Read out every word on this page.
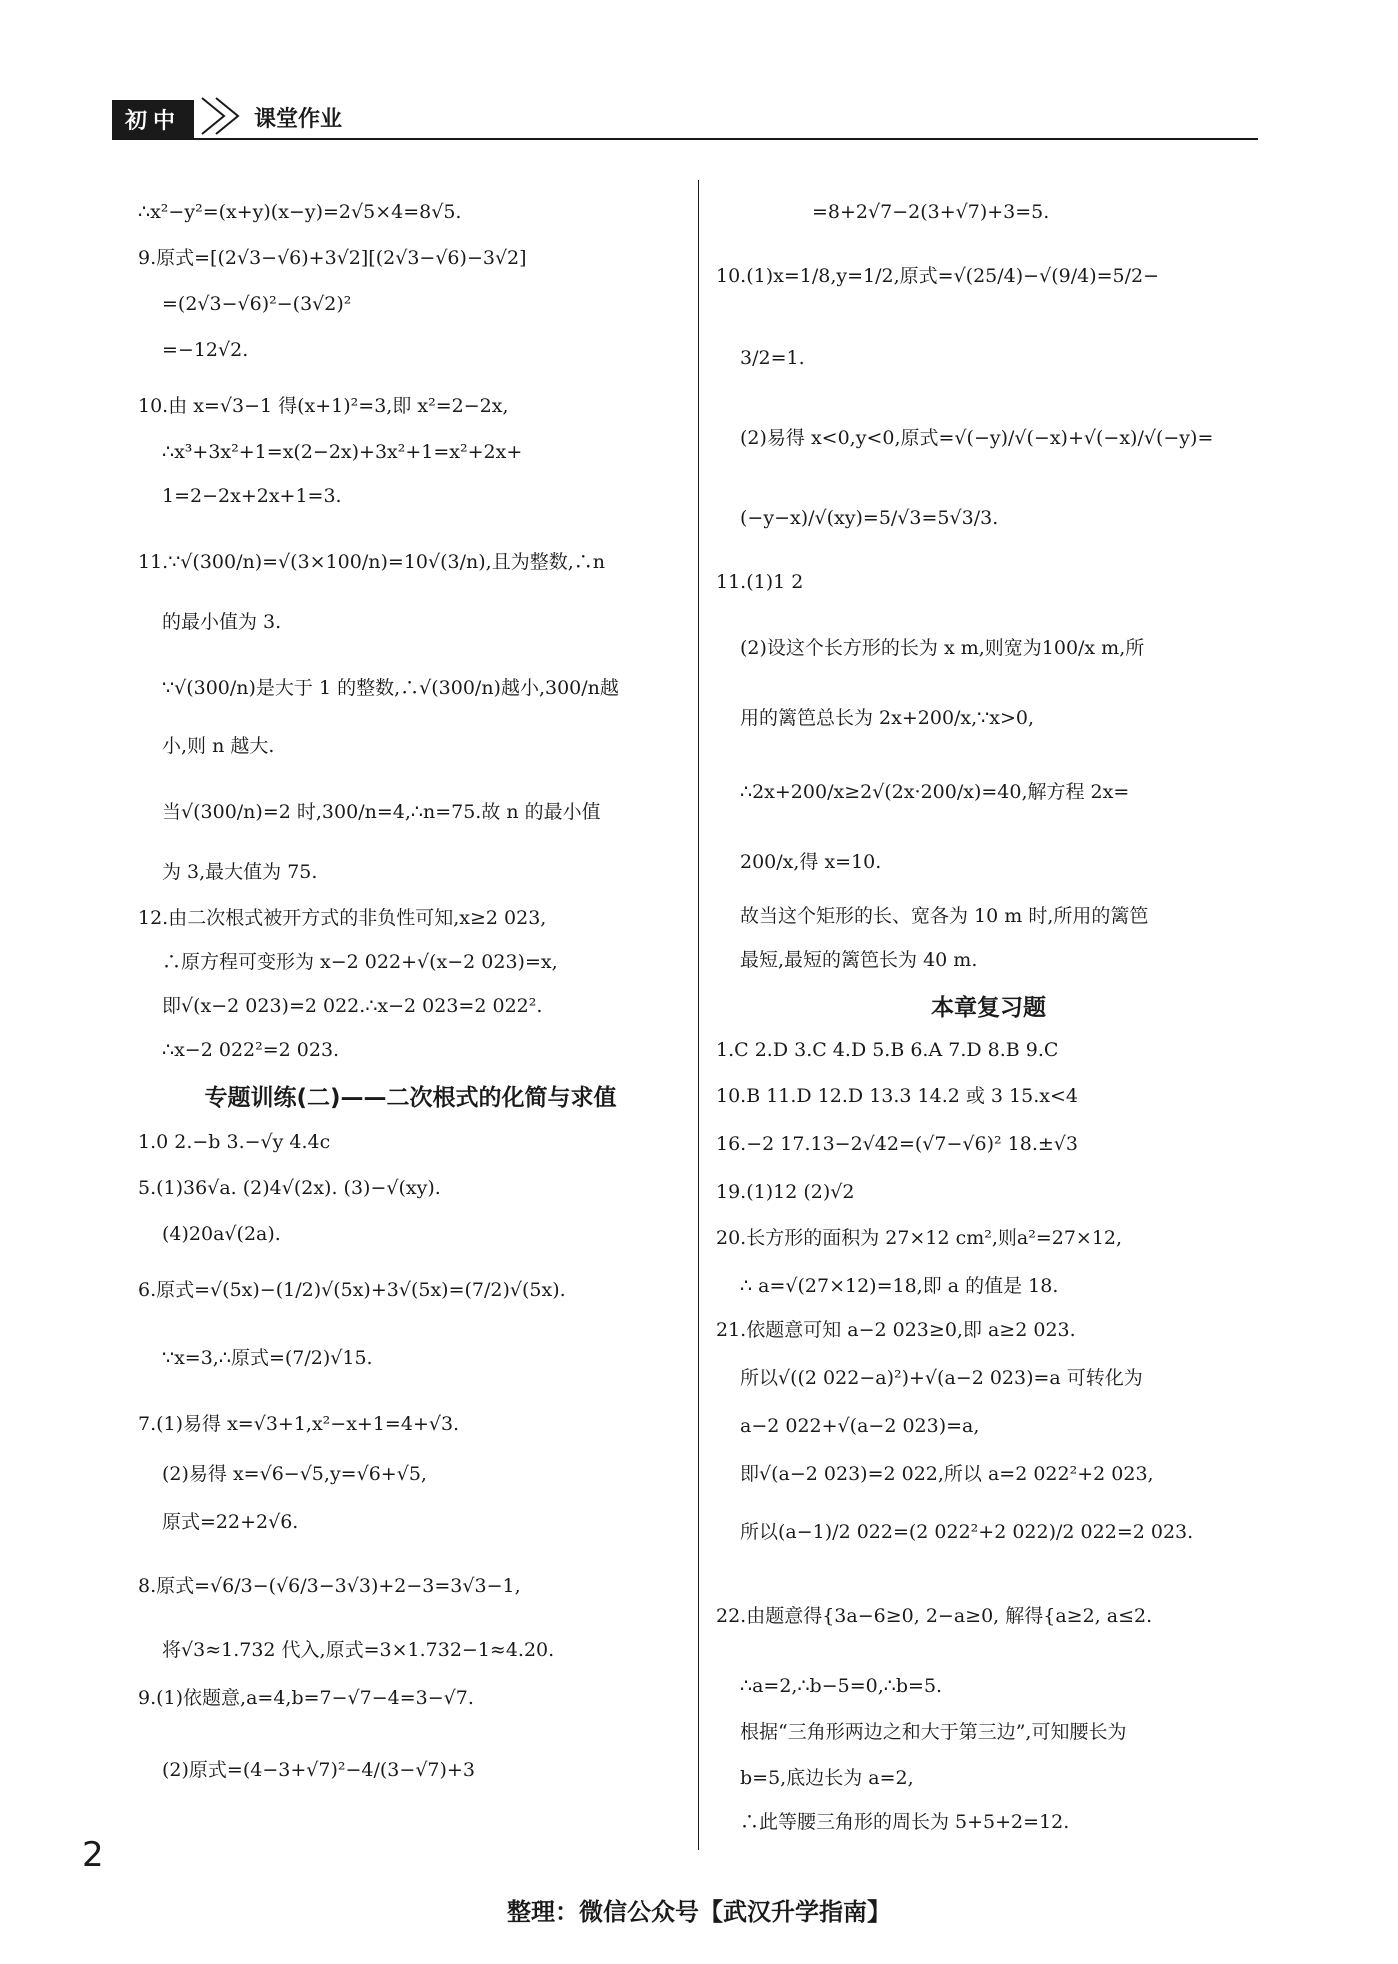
初中	课堂作业

∴x²−y²=(x+y)(x−y)=2√5×4=8√5.

9.原式=[(2√3−√6)+3√2][(2√3−√6)−3√2]

=(2√3−√6)²−(3√2)²

=−12√2.

10.由 x=√3−1 得(x+1)²=3,即 x²=2−2x,

∴x³+3x²+1=x(2−2x)+3x²+1=x²+2x+

1=2−2x+2x+1=3.

11.∵√(300/n)=√(3×100/n)=10√(3/n),且为整数,∴n

的最小值为 3.

∵√(300/n)是大于 1 的整数,∴√(300/n)越小,300/n越

小,则 n 越大.

当√(300/n)=2 时,300/n=4,∴n=75.故 n 的最小值

为 3,最大值为 75.

12.由二次根式被开方式的非负性可知,x≥2 023,

∴原方程可变形为 x−2 022+√(x−2 023)=x,

即√(x−2 023)=2 022.∴x−2 023=2 022².

∴x−2 022²=2 023.

专题训练(二)——二次根式的化简与求值

1.0 2.−b 3.−√y 4.4c

5.(1)36√a. (2)4√(2x). (3)−√(xy).

(4)20a√(2a).

6.原式=√(5x)−(1/2)√(5x)+3√(5x)=(7/2)√(5x).

∵x=3,∴原式=(7/2)√15.

7.(1)易得 x=√3+1,x²−x+1=4+√3.

(2)易得 x=√6−√5,y=√6+√5,

原式=22+2√6.

8.原式=√6/3−(√6/3−3√3)+2−3=3√3−1,

将√3≈1.732 代入,原式=3×1.732−1≈4.20.

9.(1)依题意,a=4,b=7−√7−4=3−√7.

(2)原式=(4−3+√7)²−4/(3−√7)+3

=8+2√7−2(3+√7)+3=5.

10.(1)x=1/8,y=1/2,原式=√(25/4)−√(9/4)=5/2−

3/2=1.

(2)易得 x<0,y<0,原式=√(−y)/√(−x)+√(−x)/√(−y)=

(−y−x)/√(xy)=5/√3=5√3/3.

11.(1)1 2

(2)设这个长方形的长为 x m,则宽为100/x m,所

用的篱笆总长为 2x+200/x,∵x>0,

∴2x+200/x≥2√(2x·200/x)=40,解方程 2x=

200/x,得 x=10.

故当这个矩形的长、宽各为 10 m 时,所用的篱笆

最短,最短的篱笆长为 40 m.

本章复习题

1.C 2.D 3.C 4.D 5.B 6.A 7.D 8.B 9.C

10.B 11.D 12.D 13.3 14.2 或 3 15.x<4

16.−2 17.13−2√42=(√7−√6)² 18.±√3

19.(1)12 (2)√2

20.长方形的面积为 27×12 cm²,则a²=27×12,

∴ a=√(27×12)=18,即 a 的值是 18.

21.依题意可知 a−2 023≥0,即 a≥2 023.

所以√((2 022−a)²)+√(a−2 023)=a 可转化为

a−2 022+√(a−2 023)=a,

即√(a−2 023)=2 022,所以 a=2 022²+2 023,

所以(a−1)/2 022=(2 022²+2 022)/2 022=2 023.

22.由题意得{3a−6≥0, 2−a≥0, 解得{a≥2, a≤2.

∴a=2,∴b−5=0,∴b=5.

根据“三角形两边之和大于第三边”,可知腰长为

b=5,底边长为 a=2,

∴此等腰三角形的周长为 5+5+2=12.

2
整理：微信公众号【武汉升学指南】
